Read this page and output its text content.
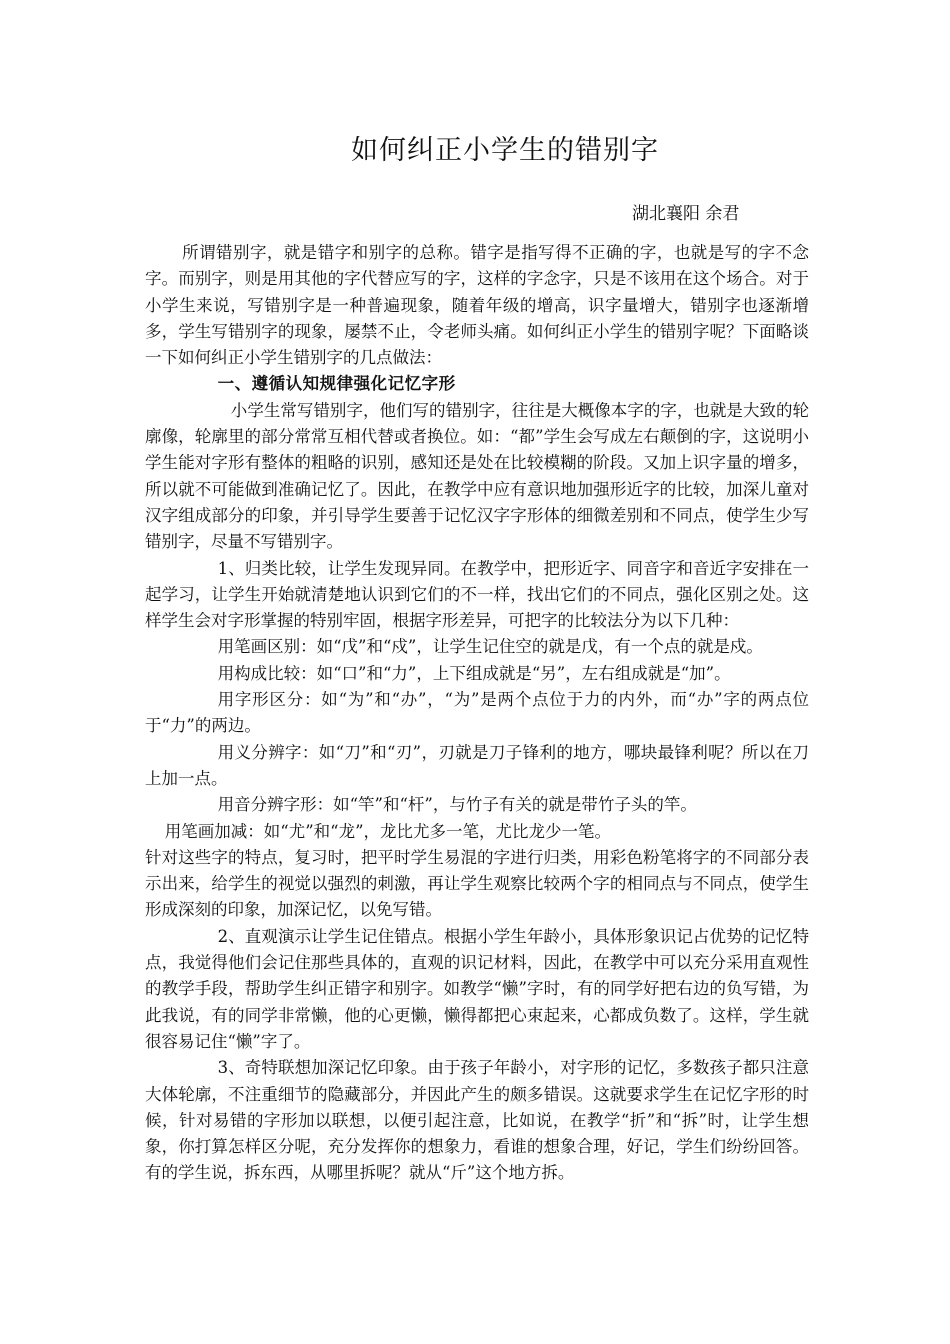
如何纠正小学生的错别字
湖北襄阳 余君

所谓错别字，就是错字和别字的总称。错字是指写得不正确的字，也就是写的字不念字。而别字，则是用其他的字代替应写的字，这样的字念字，只是不该用在这个场合。对于小学生来说，写错别字是一种普遍现象，随着年级的增高，识字量增大，错别字也逐渐增多，学生写错别字的现象，屡禁不止，令老师头痛。如何纠正小学生的错别字呢？下面略谈一下如何纠正小学生错别字的几点做法：

一、遵循认知规律强化记忆字形

小学生常写错别字，他们写的错别字，往往是大概像本字的字，也就是大致的轮廓像，轮廓里的部分常常互相代替或者换位。如：“都”学生会写成左右颠倒的字，这说明小学生能对字形有整体的粗略的识别，感知还是处在比较模糊的阶段。又加上识字量的增多，所以就不可能做到准确记忆了。因此，在教学中应有意识地加强形近字的比较，加深儿童对汉字组成部分的印象，并引导学生要善于记忆汉字字形体的细微差别和不同点，使学生少写错别字，尽量不写错别字。

1、归类比较，让学生发现异同。在教学中，把形近字、同音字和音近字安排在一起学习，让学生开始就清楚地认识到它们的不一样，找出它们的不同点，强化区别之处。这样学生会对字形掌握的特别牢固，根据字形差异，可把字的比较法分为以下几种：

用笔画区别：如“戊”和“戍”，让学生记住空的就是戊，有一个点的就是戍。

用构成比较：如“口”和“力”，上下组成就是“另”，左右组成就是“加”。

用字形区分：如“为”和“办”，“为”是两个点位于力的内外，而“办”字的两点位于“力”的两边。

用义分辨字：如“刀”和“刃”，刃就是刀子锋利的地方，哪块最锋利呢？所以在刀上加一点。

用音分辨字形：如“竿”和“杆”，与竹子有关的就是带竹子头的竿。

用笔画加减：如“尤”和“龙”，龙比尤多一笔，尤比龙少一笔。

针对这些字的特点，复习时，把平时学生易混的字进行归类，用彩色粉笔将字的不同部分表示出来，给学生的视觉以强烈的刺激，再让学生观察比较两个字的相同点与不同点，使学生形成深刻的印象，加深记忆，以免写错。

2、直观演示让学生记住错点。根据小学生年龄小，具体形象识记占优势的记忆特点，我觉得他们会记住那些具体的，直观的识记材料，因此，在教学中可以充分采用直观性的教学手段，帮助学生纠正错字和别字。如教学“懒”字时，有的同学好把右边的负写错，为此我说，有的同学非常懒，他的心更懒，懒得都把心束起来，心都成负数了。这样，学生就很容易记住“懒”字了。

3、奇特联想加深记忆印象。由于孩子年龄小，对字形的记忆，多数孩子都只注意大体轮廓，不注重细节的隐藏部分，并因此产生的颇多错误。这就要求学生在记忆字形的时候，针对易错的字形加以联想，以便引起注意，比如说，在教学“折”和“拆”时，让学生想象，你打算怎样区分呢，充分发挥你的想象力，看谁的想象合理，好记，学生们纷纷回答。有的学生说，拆东西，从哪里拆呢？就从“斤”这个地方拆。
